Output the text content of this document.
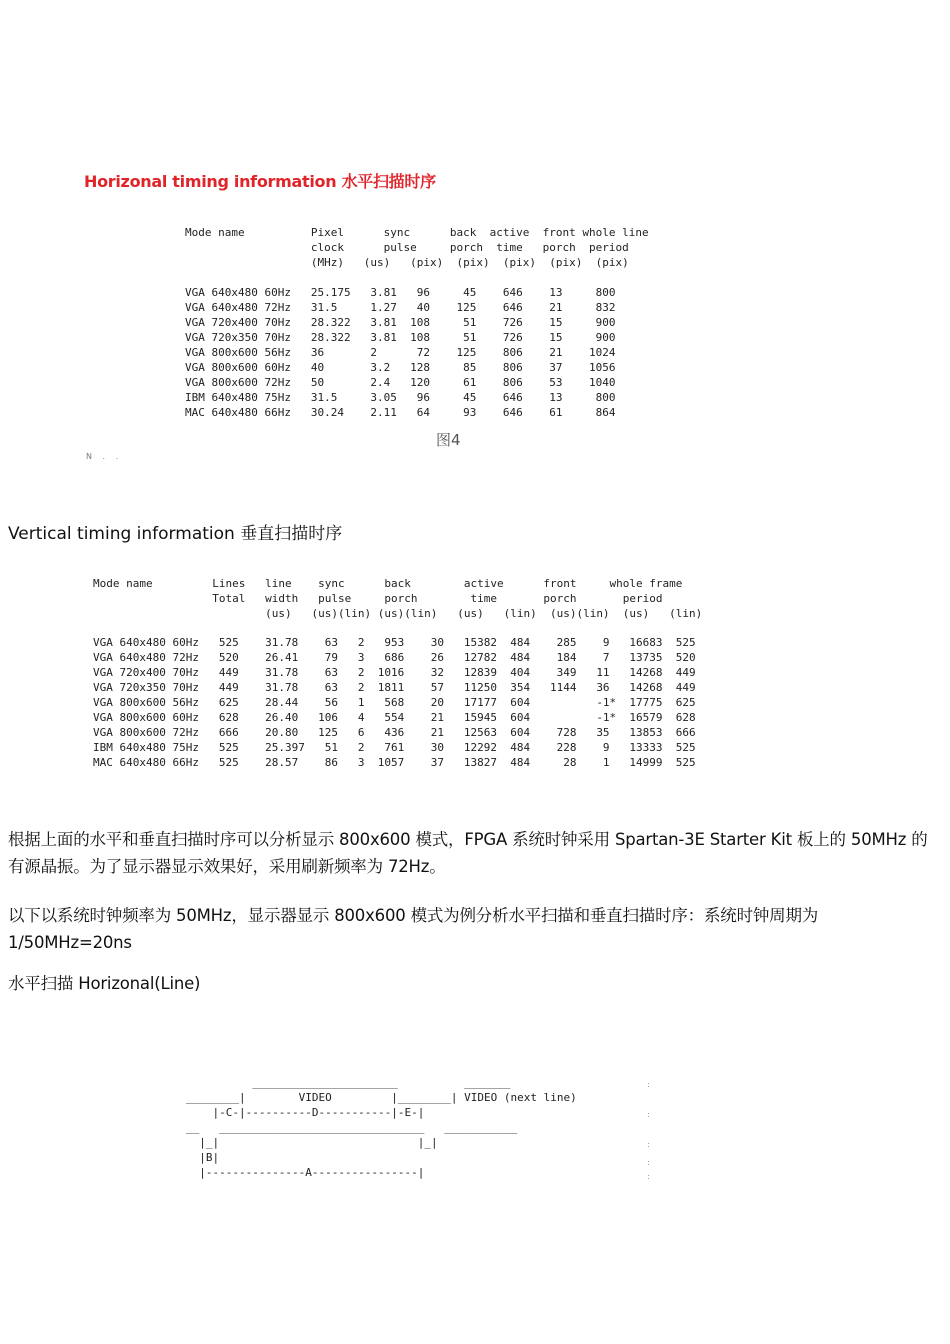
Horizonal timing information 水平扫描时序
Mode name          Pixel      sync      back  active  front whole line
clock      pulse     porch  time   porch  period
(MHz)   (us)   (pix)  (pix)  (pix)  (pix)  (pix)
VGA 640x480 60Hz   25.175   3.81   96     45    646    13     800
VGA 640x480 72Hz   31.5     1.27   40    125    646    21     832
VGA 720x400 70Hz   28.322   3.81  108     51    726    15     900
VGA 720x350 70Hz   28.322   3.81  108     51    726    15     900
VGA 800x600 56Hz   36       2      72    125    806    21    1024
VGA 800x600 60Hz   40       3.2   128     85    806    37    1056
VGA 800x600 72Hz   50       2.4   120     61    806    53    1040
IBM 640x480 75Hz   31.5     3.05   96     45    646    13     800
MAC 640x480 66Hz   30.24    2.11   64     93    646    61     864
图4
N . .
Vertical timing information 垂直扫描时序
Mode name         Lines   line    sync      back        active      front     whole frame
Total   width   pulse     porch        time       porch       period
(us)   (us)(lin) (us)(lin)   (us)   (lin)  (us)(lin)  (us)   (lin)
VGA 640x480 60Hz   525    31.78    63   2   953    30   15382  484    285    9   16683  525
VGA 640x480 72Hz   520    26.41    79   3   686    26   12782  484    184    7   13735  520
VGA 720x400 70Hz   449    31.78    63   2  1016    32   12839  404    349   11   14268  449
VGA 720x350 70Hz   449    31.78    63   2  1811    57   11250  354   1144   36   14268  449
VGA 800x600 56Hz   625    28.44    56   1   568    20   17177  604          -1*  17775  625
VGA 800x600 60Hz   628    26.40   106   4   554    21   15945  604          -1*  16579  628
VGA 800x600 72Hz   666    20.80   125   6   436    21   12563  604    728   35   13853  666
IBM 640x480 75Hz   525    25.397   51   2   761    30   12292  484    228    9   13333  525
MAC 640x480 66Hz   525    28.57    86   3  1057    37   13827  484     28    1   14999  525
根据上面的水平和垂直扫描时序可以分析显示 800x600 模式，FPGA 系统时钟采用 Spartan-3E Starter Kit 板上的 50MHz 的有源晶振。为了显示器显示效果好，采用刷新频率为 72Hz。
以下以系统时钟频率为 50MHz，显示器显示 800x600 模式为例分析水平扫描和垂直扫描时序：系统时钟周期为 1/50MHz=20ns
水平扫描 Horizonal(Line)
______________________          _______
________|        VIDEO         |________| VIDEO (next line)
|-C-|----------D-----------|-E-|
__   _______________________________   ___________
|_|                              |_|
|B|
|---------------A----------------|
:
:
:
:
:
